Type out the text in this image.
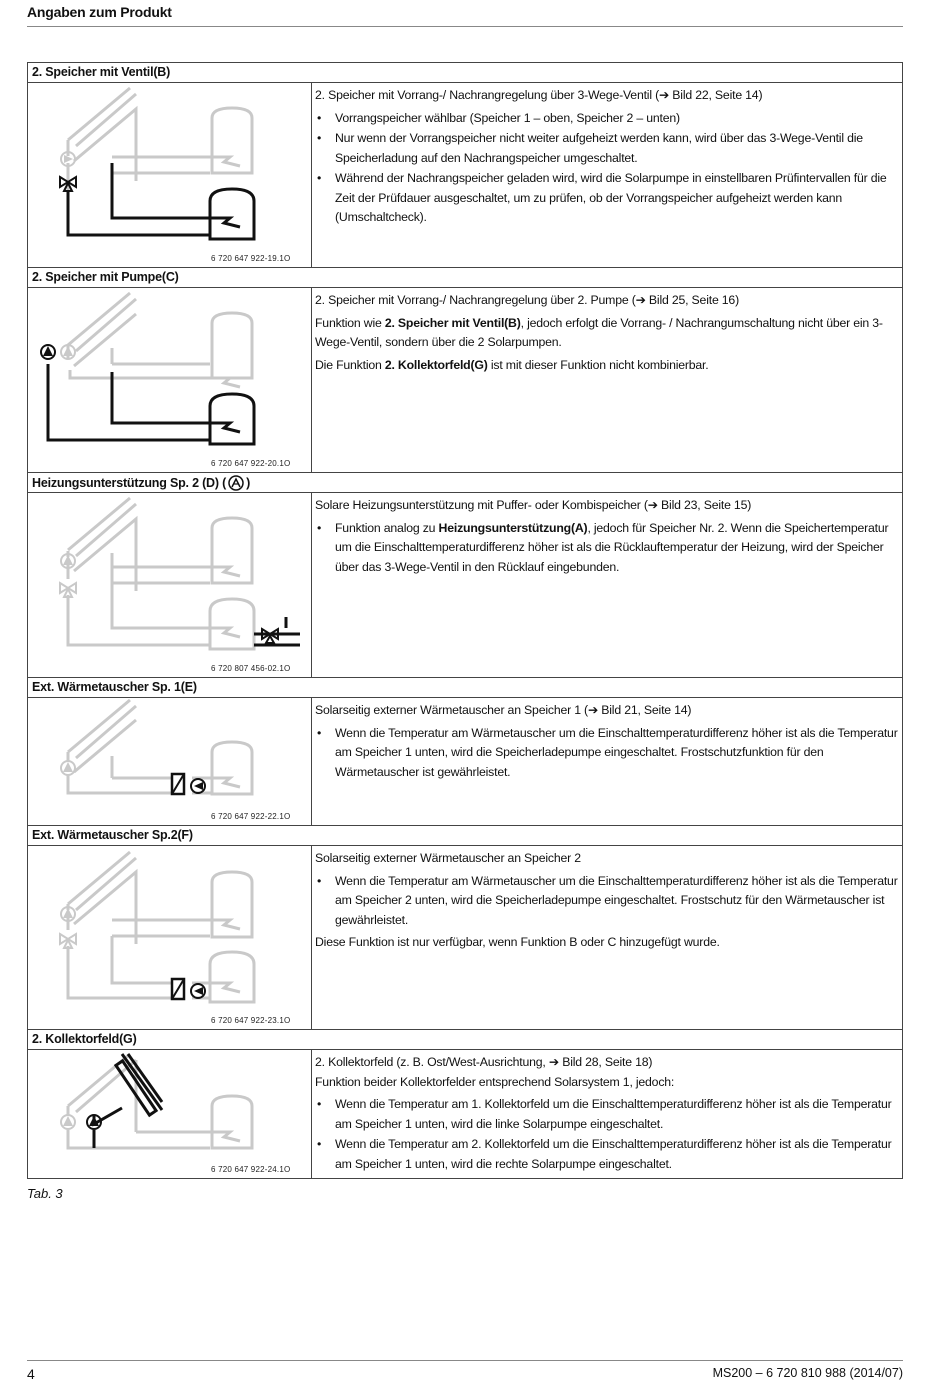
Angaben zum Produkt
2. Speicher mit Ventil(B)
6 720 647 922-19.1O

2. Speicher mit Vorrang-/ Nachrangregelung über 3-Wege-Ventil (➔ Bild 22, Seite 14)

• Vorrangspeicher wählbar (Speicher 1 – oben, Speicher 2 – unten)
• Nur wenn der Vorrangspeicher nicht weiter aufgeheizt werden kann, wird über das 3-Wege-Ventil die Speicherladung auf den Nachrangspeicher umgeschaltet.
• Während der Nachrangspeicher geladen wird, wird die Solarpumpe in einstellbaren Prüfintervallen für die Zeit der Prüfdauer ausgeschaltet, um zu prüfen, ob der Vorrangspeicher aufgeheizt werden kann (Umschaltcheck).
2. Speicher mit Pumpe(C)
6 720 647 922-20.1O

2. Speicher mit Vorrang-/ Nachrangregelung über 2. Pumpe (➔ Bild 25, Seite 16)

Funktion wie 2. Speicher mit Ventil(B), jedoch erfolgt die Vorrang- / Nachrangumschaltung nicht über ein 3-Wege-Ventil, sondern über die 2 Solarpumpen.

Die Funktion 2. Kollektorfeld(G) ist mit dieser Funktion nicht kombinierbar.

Heizungsunterstützung Sp. 2 (D) ( )
6 720 807 456-02.1O

Solare Heizungsunterstützung mit Puffer- oder Kombispeicher (➔ Bild 23, Seite 15)

• Funktion analog zu Heizungsunterstützung(A), jedoch für Speicher Nr. 2. Wenn die Speichertemperatur um die Einschalttemperaturdifferenz höher ist als die Rücklauftemperatur der Heizung, wird der Speicher über das 3-Wege-Ventil in den Rücklauf eingebunden.
Ext. Wärmetauscher Sp. 1(E)
6 720 647 922-22.1O

Solarseitig externer Wärmetauscher an Speicher 1 (➔ Bild 21, Seite 14)

• Wenn die Temperatur am Wärmetauscher um die Einschalttemperaturdifferenz höher ist als die Temperatur am Speicher 1 unten, wird die Speicherladepumpe eingeschaltet. Frostschutzfunktion für den Wärmetauscher ist gewährleistet.
Ext. Wärmetauscher Sp.2(F)
6 720 647 922-23.1O

Solarseitig externer Wärmetauscher an Speicher 2

• Wenn die Temperatur am Wärmetauscher um die Einschalttemperaturdifferenz höher ist als die Temperatur am Speicher 2 unten, wird die Speicherladepumpe eingeschaltet. Frostschutz für den Wärmetauscher ist gewährleistet.

Diese Funktion ist nur verfügbar, wenn Funktion B oder C hinzugefügt wurde.

2. Kollektorfeld(G)
6 720 647 922-24.1O

2. Kollektorfeld (z. B. Ost/West-Ausrichtung, ➔ Bild 28, Seite 18)

Funktion beider Kollektorfelder entsprechend Solarsystem 1, jedoch:

• Wenn die Temperatur am 1. Kollektorfeld um die Einschalttemperaturdifferenz höher ist als die Temperatur am Speicher 1 unten, wird die linke Solarpumpe eingeschaltet.
• Wenn die Temperatur am 2. Kollektorfeld um die Einschalttemperaturdifferenz höher ist als die Temperatur am Speicher 1 unten, wird die rechte Solarpumpe eingeschaltet.
Tab. 3
4	MS200 – 6 720 810 988 (2014/07)
